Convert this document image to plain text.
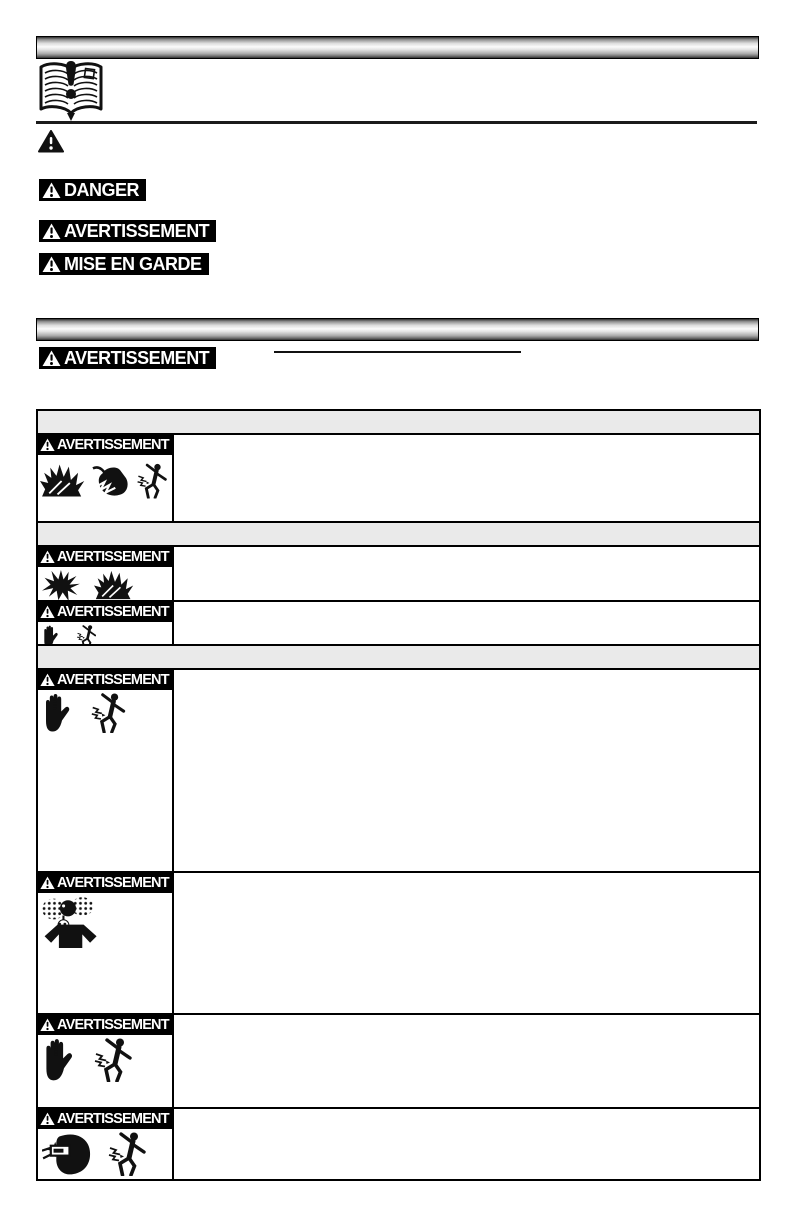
DANGER
AVERTISSEMENT
MISE EN GARDE
AVERTISSEMENT
AVERTISSEMENT
AVERTISSEMENT
AVERTISSEMENT
AVERTISSEMENT
AVERTISSEMENT
AVERTISSEMENT
AVERTISSEMENT
